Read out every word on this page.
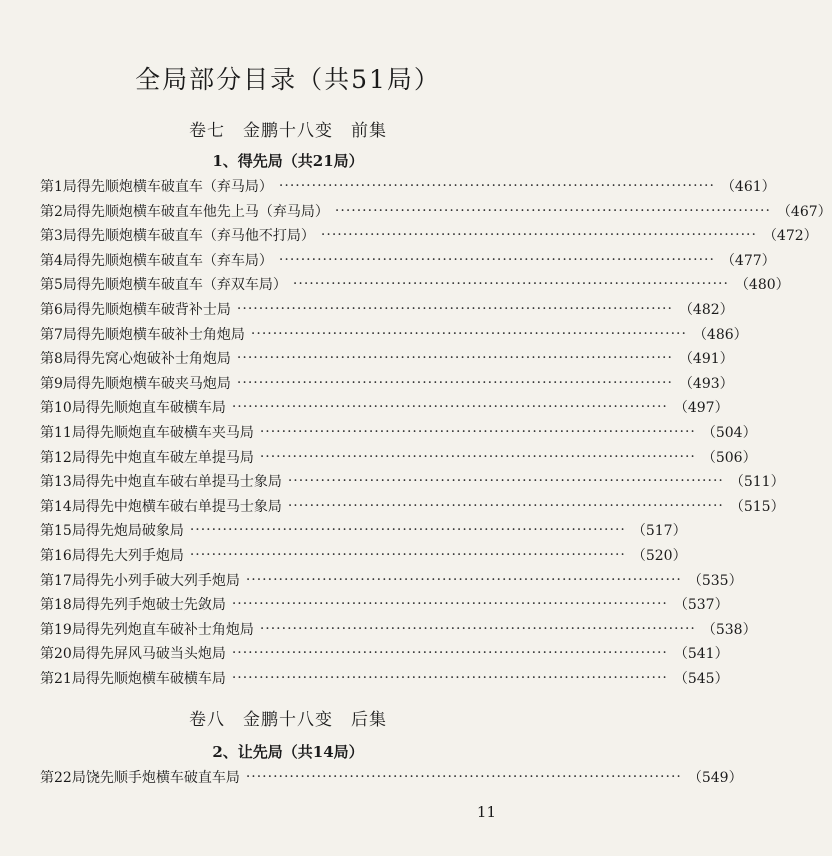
全局部分目录（共51局）
卷七　金鹏十八变　前集
1、得先局（共21局）
第1局 得先顺炮横车破直车（弃马局） ················································································ （461）
第2局 得先顺炮横车破直车他先上马（弃马局） ················································································ （467）
第3局 得先顺炮横车破直车（弃马他不打局） ················································································ （472）
第4局 得先顺炮横车破直车（弃车局） ················································································ （477）
第5局 得先顺炮横车破直车（弃双车局） ················································································ （480）
第6局 得先顺炮横车破背补士局 ················································································ （482）
第7局 得先顺炮横车破补士角炮局 ················································································ （486）
第8局 得先窝心炮破补士角炮局 ················································································ （491）
第9局 得先顺炮横车破夹马炮局 ················································································ （493）
第10局 得先顺炮直车破横车局 ················································································ （497）
第11局 得先顺炮直车破横车夹马局 ················································································ （504）
第12局 得先中炮直车破左单提马局 ················································································ （506）
第13局 得先中炮直车破右单提马士象局 ················································································ （511）
第14局 得先中炮横车破右单提马士象局 ················································································ （515）
第15局 得先炮局破象局 ················································································ （517）
第16局 得先大列手炮局 ················································································ （520）
第17局 得先小列手破大列手炮局 ················································································ （535）
第18局 得先列手炮破士先敛局 ················································································ （537）
第19局 得先列炮直车破补士角炮局 ················································································ （538）
第20局 得先屏风马破当头炮局 ················································································ （541）
第21局 得先顺炮横车破横车局 ················································································ （545）
卷八　金鹏十八变　后集
2、让先局（共14局）
第22局 饶先顺手炮横车破直车局 ················································································ （549）
11
